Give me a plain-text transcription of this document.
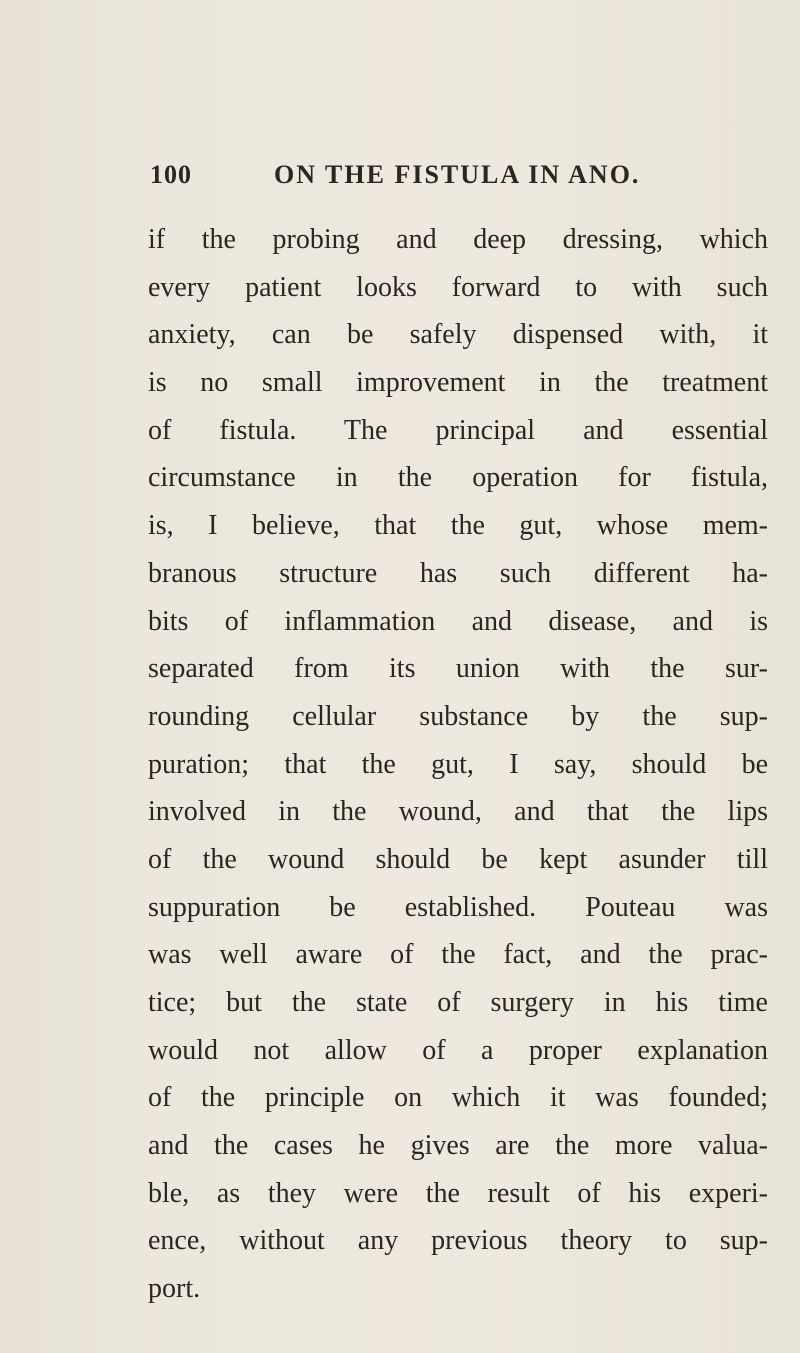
100	ON THE FISTULA IN ANO.
if the probing and deep dressing, which
every patient looks forward to with such
anxiety, can be safely dispensed with, it
is no small improvement in the treatment
of fistula. The principal and essential
circumstance in the operation for fistula,
is, I believe, that the gut, whose mem-
branous structure has such different ha-
bits of inflammation and disease, and is
separated from its union with the sur-
rounding cellular substance by the sup-
puration; that the gut, I say, should be
involved in the wound, and that the lips
of the wound should be kept asunder till
suppuration be established. Pouteau was
was well aware of the fact, and the prac-
tice; but the state of surgery in his time
would not allow of a proper explanation
of the principle on which it was founded;
and the cases he gives are the more valua-
ble, as they were the result of his experi-
ence, without any previous theory to sup-
port.
